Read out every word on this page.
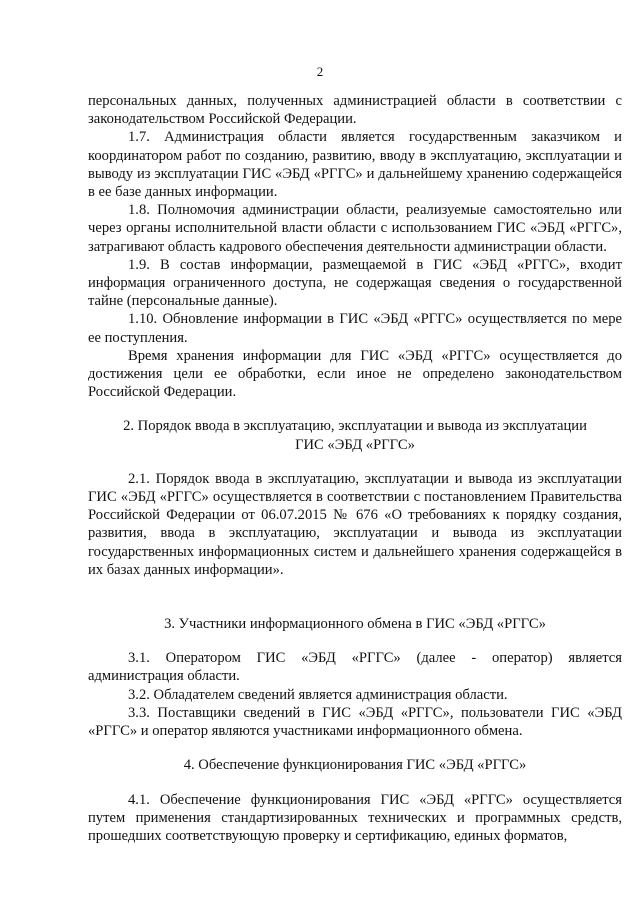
2

персональных данных, полученных администрацией области в соответствии с законодательством Российской Федерации.

1.7. Администрация области является государственным заказчиком и координатором работ по созданию, развитию, вводу в эксплуатацию, эксплуатации и выводу из эксплуатации ГИС «ЭБД «РГГС» и дальнейшему хранению содержащейся в ее базе данных информации.

1.8. Полномочия администрации области, реализуемые самостоятельно или через органы исполнительной власти области с использованием ГИС «ЭБД «РГГС», затрагивают область кадрового обеспечения деятельности администрации области.

1.9. В состав информации, размещаемой в ГИС «ЭБД «РГГС», входит информация ограниченного доступа, не содержащая сведения о государственной тайне (персональные данные).

1.10. Обновление информации в ГИС «ЭБД «РГГС» осуществляется по мере ее поступления.

Время хранения информации для ГИС «ЭБД «РГГС» осуществляется до достижения цели ее обработки, если иное не определено законодательством Российской Федерации.

2. Порядок ввода в эксплуатацию, эксплуатации и вывода из эксплуатации

ГИС «ЭБД «РГГС»

2.1. Порядок ввода в эксплуатацию, эксплуатации и вывода из эксплуатации ГИС «ЭБД «РГГС» осуществляется в соответствии с постановлением Правительства Российской Федерации от 06.07.2015 № 676 «О требованиях к порядку создания, развития, ввода в эксплуатацию, эксплуатации и вывода из эксплуатации государственных информационных систем и дальнейшего хранения содержащейся в их базах данных информации».

3. Участники информационного обмена в ГИС «ЭБД «РГГС»

3.1. Оператором ГИС «ЭБД «РГГС» (далее - оператор) является администрация области.

3.2. Обладателем сведений является администрация области.

3.3. Поставщики сведений в ГИС «ЭБД «РГГС», пользователи ГИС «ЭБД «РГГС» и оператор являются участниками информационного обмена.

4. Обеспечение функционирования ГИС «ЭБД «РГГС»

4.1. Обеспечение функционирования ГИС «ЭБД «РГГС» осуществляется путем применения стандартизированных технических и программных средств, прошедших соответствующую проверку и сертификацию, единых форматов,
